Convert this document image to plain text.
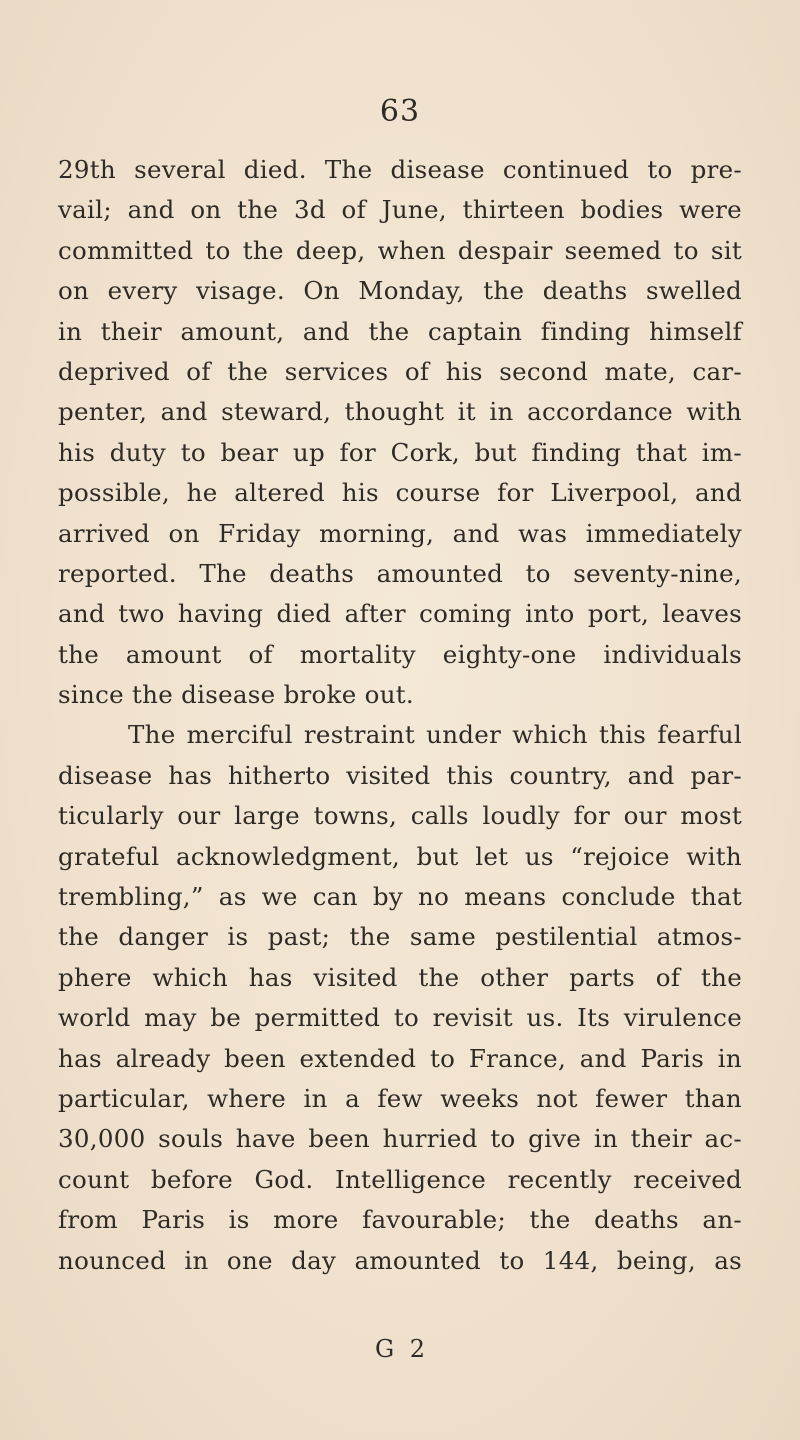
63
29th several died. The disease continued to pre-
vail; and on the 3d of June, thirteen bodies were
committed to the deep, when despair seemed to sit
on every visage. On Monday, the deaths swelled
in their amount, and the captain finding himself
deprived of the services of his second mate, car-
penter, and steward, thought it in accordance with
his duty to bear up for Cork, but finding that im-
possible, he altered his course for Liverpool, and
arrived on Friday morning, and was immediately
reported. The deaths amounted to seventy-nine,
and two having died after coming into port, leaves
the amount of mortality eighty-one individuals
since the disease broke out.
The merciful restraint under which this fearful
disease has hitherto visited this country, and par-
ticularly our large towns, calls loudly for our most
grateful acknowledgment, but let us “rejoice with
trembling,” as we can by no means conclude that
the danger is past; the same pestilential atmos-
phere which has visited the other parts of the
world may be permitted to revisit us. Its virulence
has already been extended to France, and Paris in
particular, where in a few weeks not fewer than
30,000 souls have been hurried to give in their ac-
count before God. Intelligence recently received
from Paris is more favourable; the deaths an-
nounced in one day amounted to 144, being, as
G 2
